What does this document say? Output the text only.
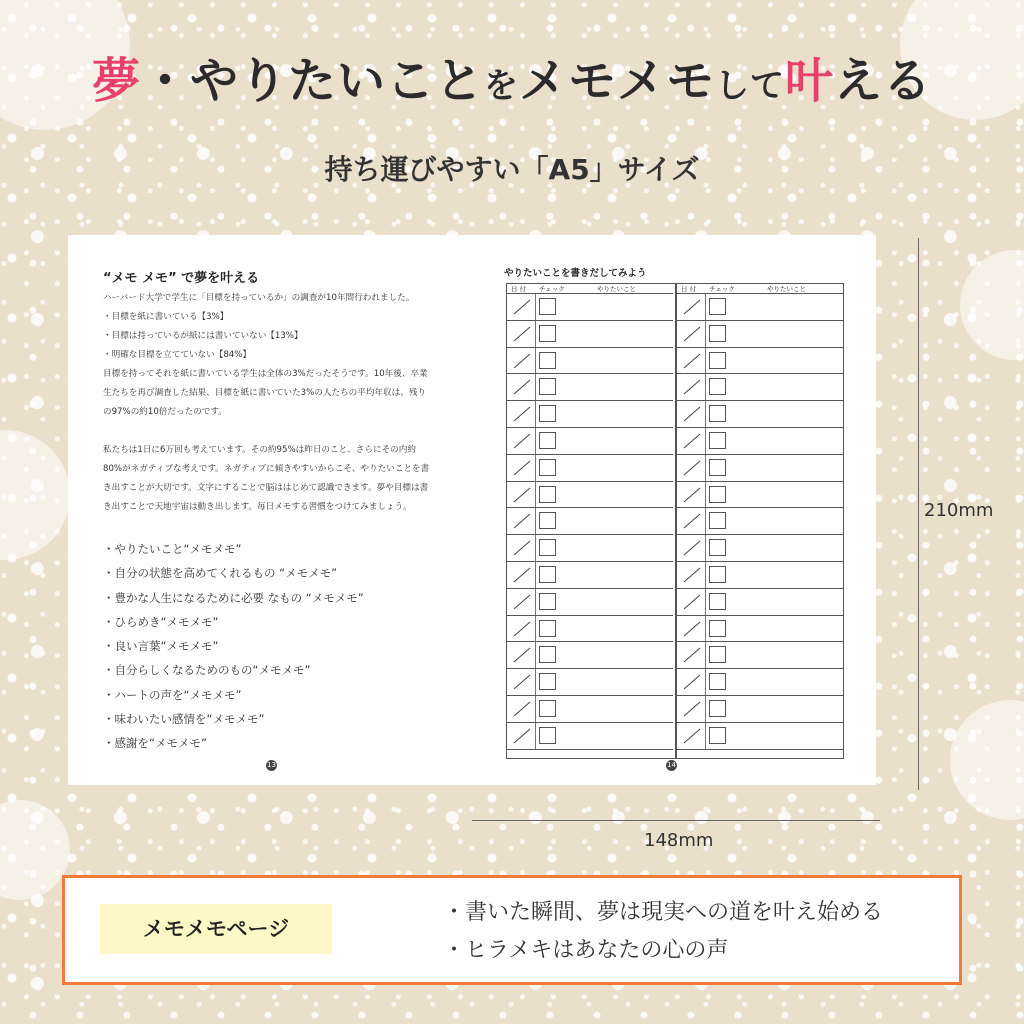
夢・やりたいことをメモメモして叶える
持ち運びやすい「A5」サイズ
“メモ メモ” で夢を叶える
ハーバード大学で学生に「目標を持っているか」の調査が10年間行われました。
・目標を紙に書いている【3%】
・目標は持っているが紙には書いていない【13%】
・明確な目標を立てていない【84%】
目標を持ってそれを紙に書いている学生は全体の3%だったそうです。10年後、卒業
生たちを再び調査した結果、目標を紙に書いていた3%の人たちの平均年収は、残り
の97%の約10倍だったのです。
私たちは1日に6万回も考えています。その約95%は昨日のこと、さらにその内約
80%がネガティブな考えです。ネガティブに傾きやすいからこそ、やりたいことを書
き出すことが大切です。文字にすることで脳ははじめて認識できます。夢や目標は書
き出すことで天地宇宙は動き出します。毎日メモする習慣をつけてみましょう。
・やりたいこと“メモメモ”
・自分の状態を高めてくれるもの “メモメモ”
・豊かな人生になるために必要 なもの “メモメモ”
・ひらめき“メモメモ”
・良い言葉“メモメモ”
・自分らしくなるためのもの“メモメモ”
・ハートの声を“メモメモ”
・味わいたい感情を“メモメモ”
・感謝を“メモメモ”
13
やりたいことを書きだしてみよう
日 付 チェック	やりたいこと	日 付 チェック	やりたいこと
14
210mm
148mm
メモメモページ
・書いた瞬間、夢は現実への道を叶え始める
・ヒラメキはあなたの心の声
